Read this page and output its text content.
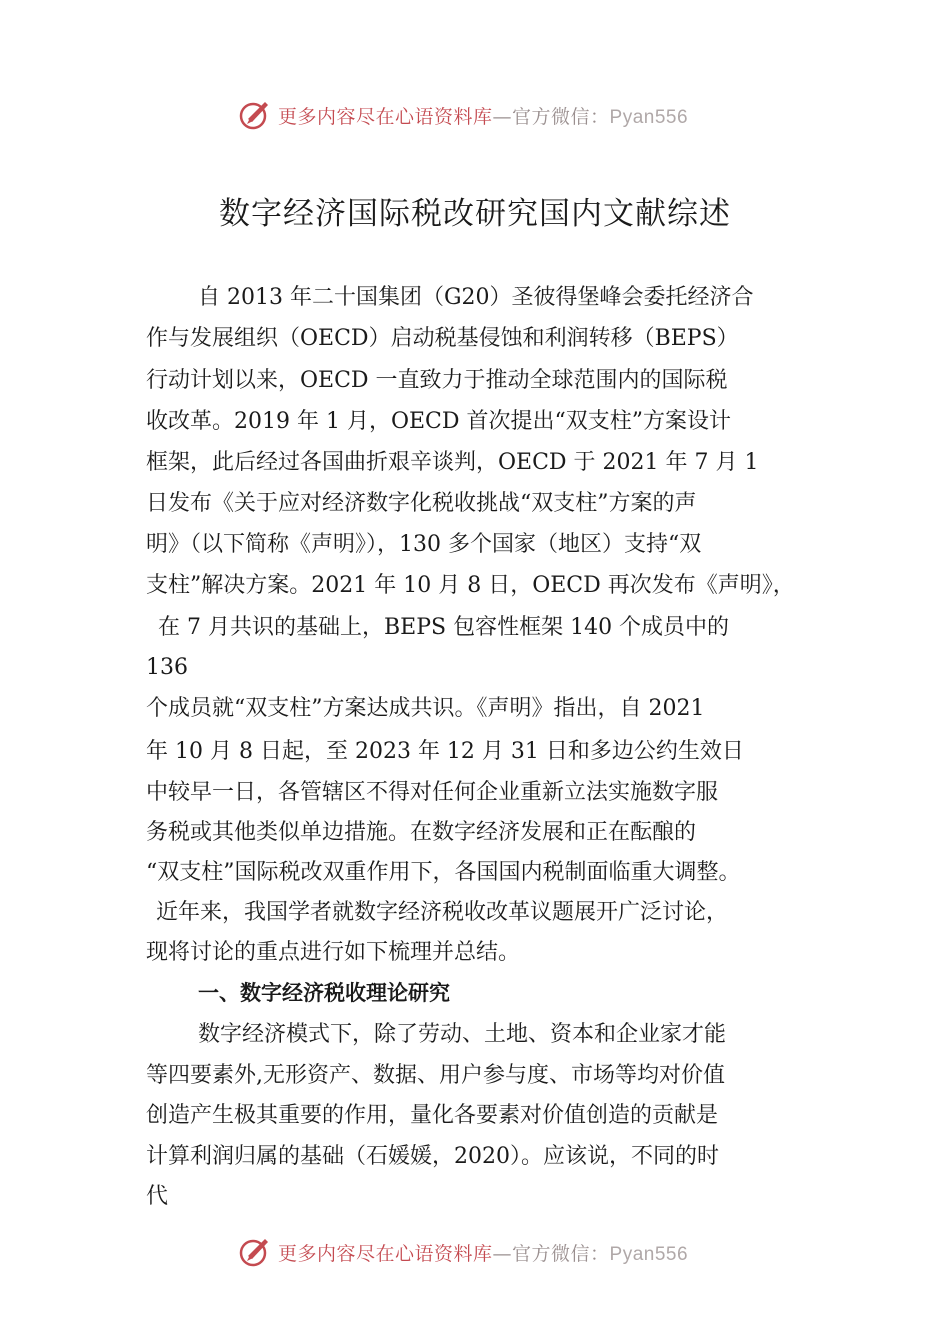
更多内容尽在心语资料库—官方微信：Pyan556
数字经济国际税改研究国内文献综述
自 2013 年二十国集团（G20）圣彼得堡峰会委托经济合
作与发展组织（OECD）启动税基侵蚀和利润转移（BEPS）
行动计划以来，OECD 一直致力于推动全球范围内的国际税
收改革。2019 年 1 月，OECD 首次提出“双支柱”方案设计
框架，此后经过各国曲折艰辛谈判，OECD 于 2021 年 7 月 1
日发布《关于应对经济数字化税收挑战“双支柱”方案的声
明》（以下简称《声明》），130 多个国家（地区）支持“双
支柱”解决方案。2021 年 10 月 8 日，OECD 再次发布《声明》，
在 7 月共识的基础上，BEPS 包容性框架 140 个成员中的
136
个成员就“双支柱”方案达成共识。《声明》指出，自 2021
年 10 月 8 日起，至 2023 年 12 月 31 日和多边公约生效日
中较早一日，各管辖区不得对任何企业重新立法实施数字服
务税或其他类似单边措施。在数字经济发展和正在酝酿的
“双支柱”国际税改双重作用下，各国国内税制面临重大调整。
近年来，我国学者就数字经济税收改革议题展开广泛讨论，
现将讨论的重点进行如下梳理并总结。
一、数字经济税收理论研究
数字经济模式下，除了劳动、土地、资本和企业家才能
等四要素外,无形资产、数据、用户参与度、市场等均对价值
创造产生极其重要的作用，量化各要素对价值创造的贡献是
计算利润归属的基础（石媛媛，2020）。应该说，不同的时
代
更多内容尽在心语资料库—官方微信：Pyan556
